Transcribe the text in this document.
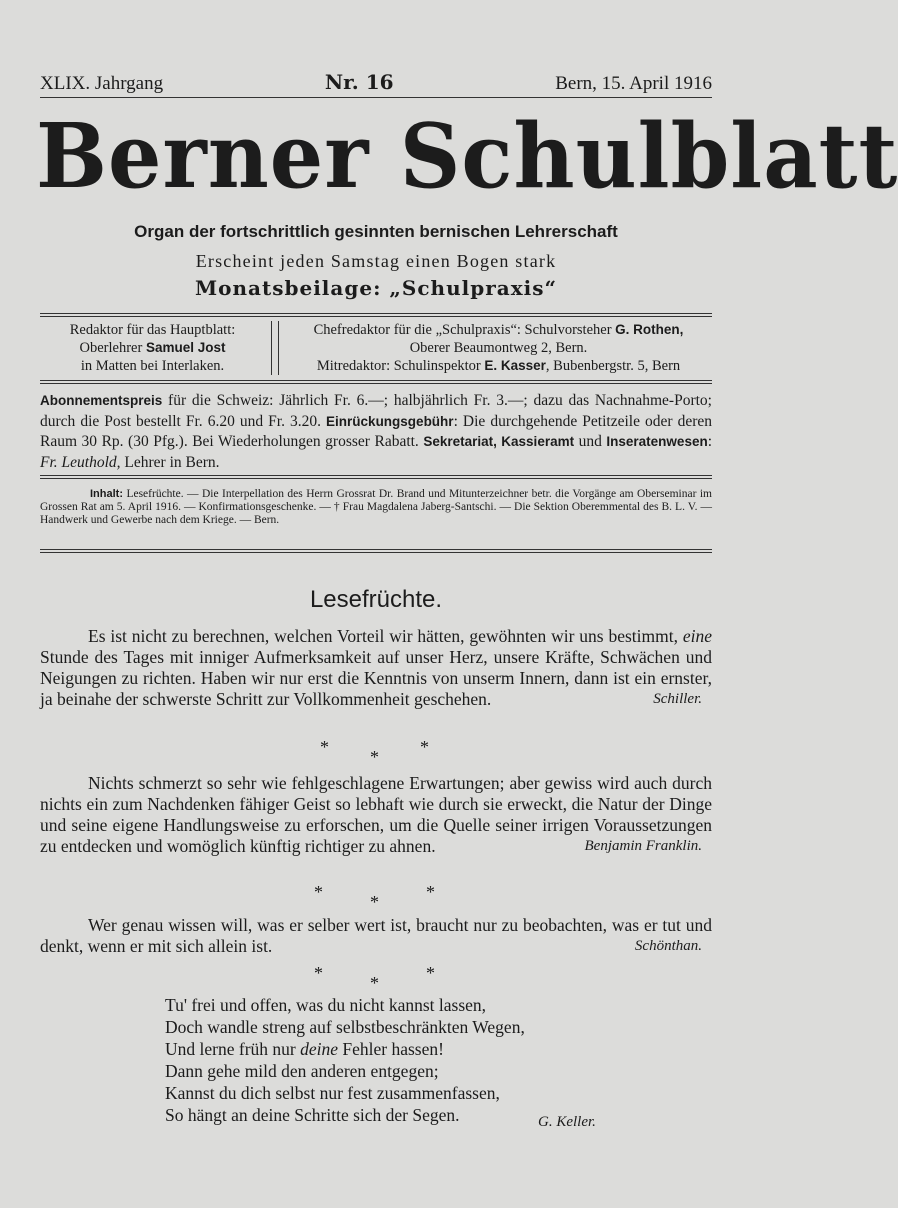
XLIX. Jahrgang	Nr. 16	Bern, 15. April 1916
Berner Schulblatt
Organ der fortschrittlich gesinnten bernischen Lehrerschaft
Erscheint jeden Samstag einen Bogen stark
Monatsbeilage: „Schulpraxis“
Redaktor für das Hauptblatt:
Oberlehrer Samuel Jost
in Matten bei Interlaken.
Chefredaktor für die „Schulpraxis“: Schulvorsteher G. Rothen,
Oberer Beaumontweg 2, Bern.
Mitredaktor: Schulinspektor E. Kasser, Bubenbergstr. 5, Bern
Abonnementspreis für die Schweiz: Jährlich Fr. 6.—; halbjährlich Fr. 3.—; dazu das Nachnahme-Porto; durch die Post bestellt Fr. 6.20 und Fr. 3.20. Einrückungsgebühr: Die durchgehende Petitzeile oder deren Raum 30 Rp. (30 Pfg.). Bei Wiederholungen grosser Rabatt. Sekretariat, Kassieramt und Inseratenwesen: Fr. Leuthold, Lehrer in Bern.
Inhalt: Lesefrüchte. — Die Interpellation des Herrn Grossrat Dr. Brand und Mitunterzeichner betr. die Vorgänge am Oberseminar im Grossen Rat am 5. April 1916. — Konfirmationsgeschenke. — † Frau Magdalena Jaberg-Santschi. — Die Sektion Oberemmental des B. L. V. — Handwerk und Gewerbe nach dem Kriege. — Bern.
Lesefrüchte.
Es ist nicht zu berechnen, welchen Vorteil wir hätten, gewöhnten wir uns bestimmt, eine Stunde des Tages mit inniger Aufmerksamkeit auf unser Herz, unsere Kräfte, Schwächen und Neigungen zu richten. Haben wir nur erst die Kenntnis von unserm Innern, dann ist ein ernster, ja beinahe der schwerste Schritt zur Vollkommenheit geschehen.	Schiller.
* * *
Nichts schmerzt so sehr wie fehlgeschlagene Erwartungen; aber gewiss wird auch durch nichts ein zum Nachdenken fähiger Geist so lebhaft wie durch sie erweckt, die Natur der Dinge und seine eigene Handlungsweise zu erforschen, um die Quelle seiner irrigen Voraussetzungen zu entdecken und womöglich künftig richtiger zu ahnen.	Benjamin Franklin.
*	*	*
Wer genau wissen will, was er selber wert ist, braucht nur zu beobachten, was er tut und denkt, wenn er mit sich allein ist.	Schönthan.
*	*	*
Tu' frei und offen, was du nicht kannst lassen,
Doch wandle streng auf selbstbeschränkten Wegen,
Und lerne früh nur deine Fehler hassen!
Dann gehe mild den anderen entgegen;
Kannst du dich selbst nur fest zusammenfassen,
So hängt an deine Schritte sich der Segen.	G. Keller.
